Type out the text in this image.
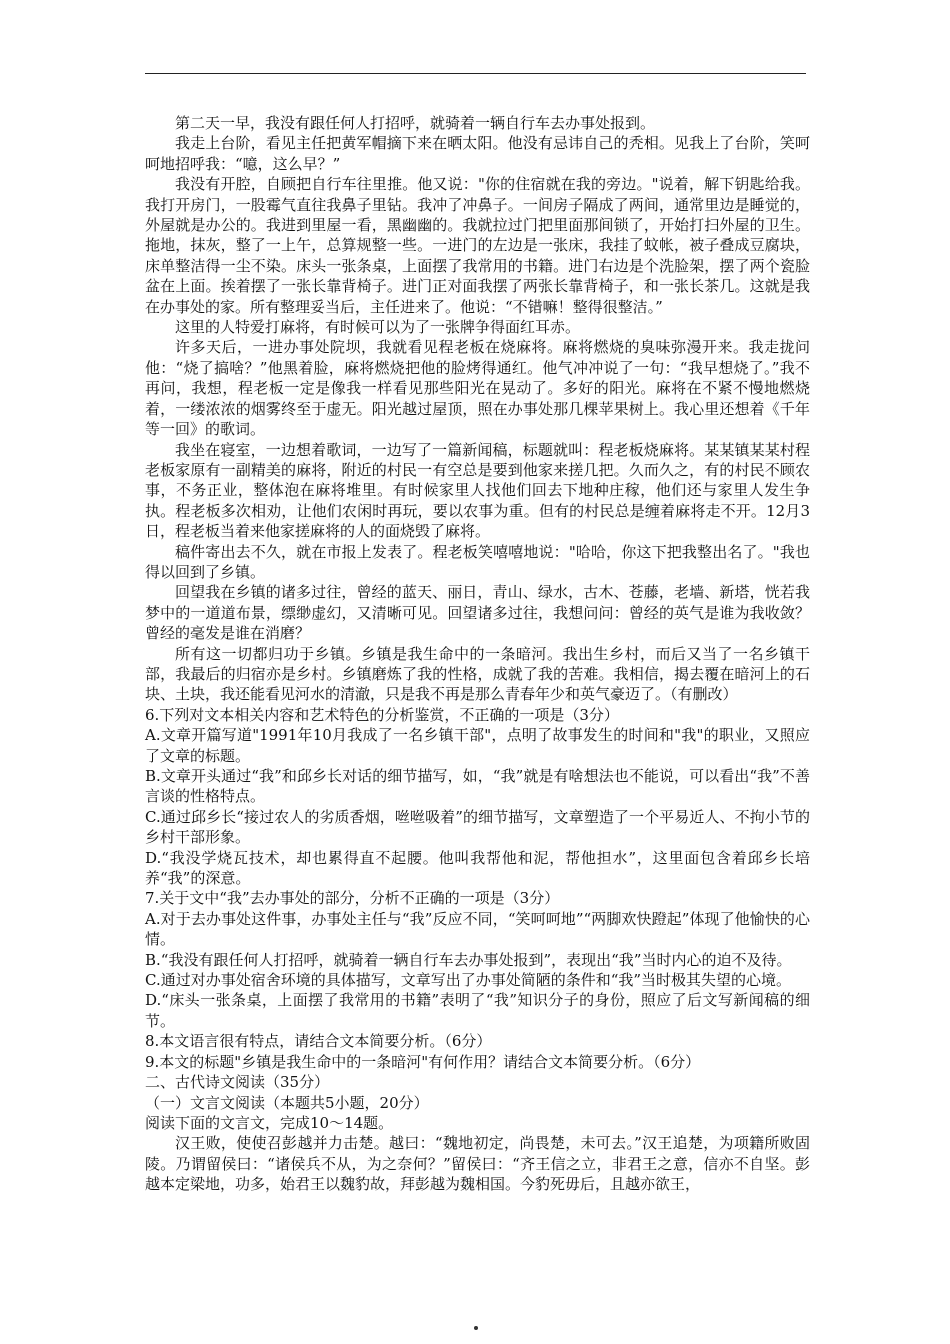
第二天一早，我没有跟任何人打招呼，就骑着一辆自行车去办事处报到。

我走上台阶，看见主任把黄军帽摘下来在晒太阳。他没有忌讳自己的秃相。见我上了台阶，笑呵呵地招呼我：“噫，这么早？”

我没有开腔，自顾把自行车往里推。他又说："你的住宿就在我的旁边。"说着，解下钥匙给我。我打开房门，一股霉气直往我鼻子里钻。我冲了冲鼻子。一间房子隔成了两间，通常里边是睡觉的，外屋就是办公的。我进到里屋一看，黑幽幽的。我就拉过门把里面那间锁了，开始打扫外屋的卫生。拖地，抹灰，整了一上午，总算规整一些。一进门的左边是一张床，我挂了蚊帐，被子叠成豆腐块，床单整洁得一尘不染。床头一张条桌，上面摆了我常用的书籍。进门右边是个洗脸架，摆了两个瓷脸盆在上面。挨着摆了一张长靠背椅子。进门正对面我摆了两张长靠背椅子，和一张长茶几。这就是我在办事处的家。所有整理妥当后，主任进来了。他说：“不错嘛！整得很整洁。”

这里的人特爱打麻将，有时候可以为了一张牌争得面红耳赤。

许多天后，一进办事处院坝，我就看见程老板在烧麻将。麻将燃烧的臭味弥漫开来。我走拢问他：“烧了搞啥？”他黑着脸，麻将燃烧把他的脸烤得通红。他气冲冲说了一句：“我早想烧了。”我不再问，我想，程老板一定是像我一样看见那些阳光在晃动了。多好的阳光。麻将在不紧不慢地燃烧着，一缕浓浓的烟雾终至于虚无。阳光越过屋顶，照在办事处那几棵苹果树上。我心里还想着《千年等一回》的歌词。

我坐在寝室，一边想着歌词，一边写了一篇新闻稿，标题就叫：程老板烧麻将。某某镇某某村程老板家原有一副精美的麻将，附近的村民一有空总是要到他家来搓几把。久而久之，有的村民不顾农事，不务正业，整体泡在麻将堆里。有时候家里人找他们回去下地种庄稼，他们还与家里人发生争执。程老板多次相劝，让他们农闲时再玩，要以农事为重。但有的村民总是缠着麻将走不开。12月3日，程老板当着来他家搓麻将的人的面烧毁了麻将。

稿件寄出去不久，就在市报上发表了。程老板笑嘻嘻地说："哈哈，你这下把我整出名了。"我也得以回到了乡镇。

回望我在乡镇的诸多过往，曾经的蓝天、丽日，青山、绿水，古木、苍藤，老墙、新塔，恍若我梦中的一道道布景，缥缈虚幻，又清晰可见。回望诸多过往，我想问问：曾经的英气是谁为我收敛？曾经的毫发是谁在消磨？

所有这一切都归功于乡镇。乡镇是我生命中的一条暗河。我出生乡村，而后又当了一名乡镇干部，我最后的归宿亦是乡村。乡镇磨炼了我的性格，成就了我的苦难。我相信，揭去覆在暗河上的石块、土块，我还能看见河水的清澈，只是我不再是那么青春年少和英气豪迈了。（有删改）

6.下列对文本相关内容和艺术特色的分析鉴赏，不正确的一项是（3分）

A.文章开篇写道"1991年10月我成了一名乡镇干部"，点明了故事发生的时间和"我"的职业，又照应了文章的标题。

B.文章开头通过“我”和邱乡长对话的细节描写，如，“我”就是有啥想法也不能说，可以看出“我”不善言谈的性格特点。

C.通过邱乡长“接过农人的劣质香烟，咝咝吸着”的细节描写，文章塑造了一个平易近人、不拘小节的乡村干部形象。

D.“我没学烧瓦技术，却也累得直不起腰。他叫我帮他和泥，帮他担水”，这里面包含着邱乡长培养“我”的深意。

7.关于文中“我”去办事处的部分，分析不正确的一项是（3分）

A.对于去办事处这件事，办事处主任与“我”反应不同，“笑呵呵地”“两脚欢快蹬起”体现了他愉快的心情。

B.“我没有跟任何人打招呼，就骑着一辆自行车去办事处报到”，表现出“我”当时内心的迫不及待。

C.通过对办事处宿舍环境的具体描写，文章写出了办事处简陋的条件和“我”当时极其失望的心境。

D.“床头一张条桌，上面摆了我常用的书籍”表明了“我”知识分子的身份，照应了后文写新闻稿的细节。

8.本文语言很有特点，请结合文本简要分析。（6分）

9.本文的标题"乡镇是我生命中的一条暗河"有何作用？请结合文本简要分析。（6分）

二、古代诗文阅读（35分）

（一）文言文阅读（本题共5小题，20分）

阅读下面的文言文，完成10～14题。

汉王败，使使召彭越并力击楚。越曰：“魏地初定，尚畏楚，未可去。”汉王追楚，为项籍所败固陵。乃谓留侯曰：“诸侯兵不从，为之奈何？”留侯曰：“齐王信之立，非君王之意，信亦不自坚。彭越本定梁地，功多，始君王以魏豹故，拜彭越为魏相国。今豹死毋后，且越亦欲王，
